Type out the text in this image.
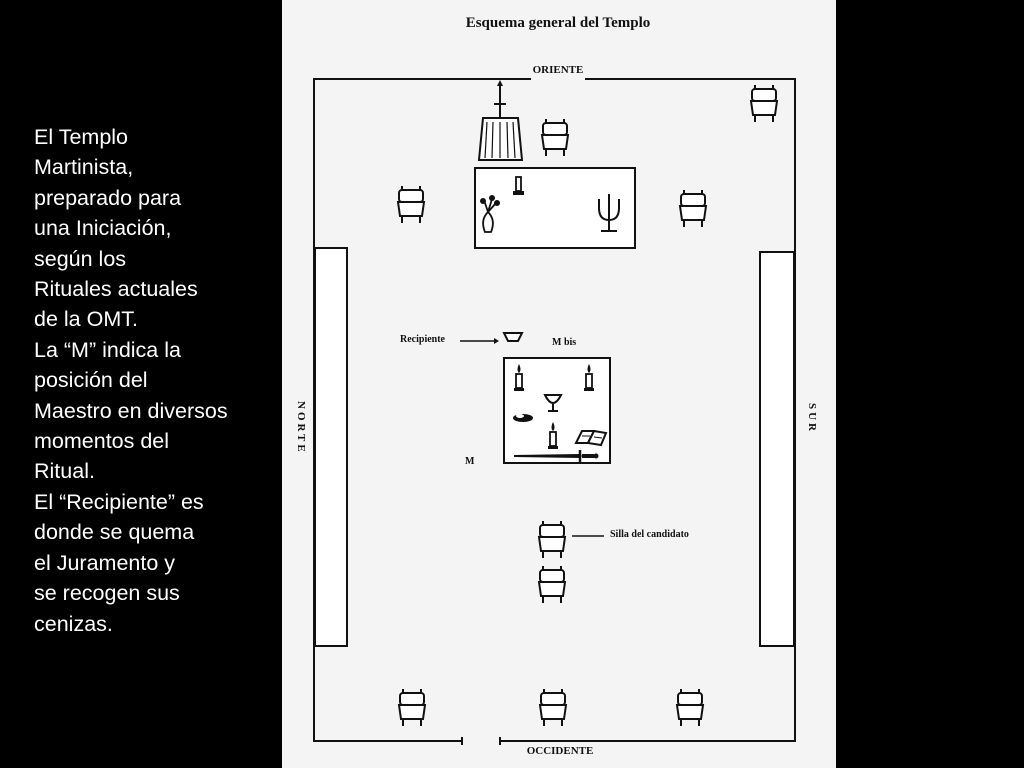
El Templo
Martinista,
preparado para
una Iniciación,
según los
Rituales actuales
de la OMT.
La “M” indica la
posición del
Maestro en diversos
momentos del
Ritual.
El “Recipiente” es
donde se quema
el Juramento y
se recogen sus
cenizas.
Esquema general del Templo
ORIENTE
OCCIDENTE
NORTE	SUR
Recipiente	M bis
M
Silla del candidato
